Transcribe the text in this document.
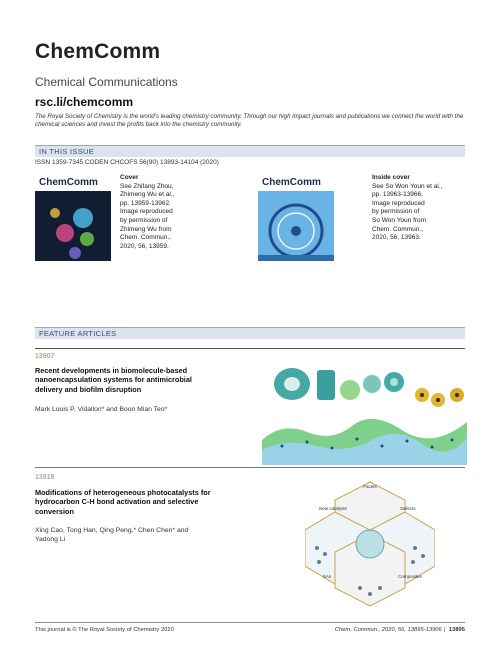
ChemComm
Chemical Communications
rsc.li/chemcomm
The Royal Society of Chemistry is the world's leading chemistry community. Through our high impact journals and publications we connect the world with the chemical sciences and invest the profits back into the chemistry community.
IN THIS ISSUE
ISSN 1359-7345 CODEN CHCOFS 56(90) 13893-14104 (2020)
ChemComm	Cover
See Zhifang Zhou,
Zhimeng Wu et al.,
pp. 13959-13962.
Image reproduced
by permission of
Zhimeng Wu from
Chem. Commun.,
2020, 56, 13959.
ChemComm	Inside cover
See So Won Youn et al.,
pp. 13963-13966.
Image reproduced
by permission of
So Won Youn from
Chem. Commun.,
2020, 56, 13963.
FEATURE ARTICLES
13907
Recent developments in biomolecule-based
nanoencapsulation systems for antimicrobial
delivery and biofilm disruption
Mark Louis P. Vidallon* and Boon Mian Teo*
13918
Modifications of heterogeneous photocatalysts for
hydrocarbon C-H bond activation and selective
conversion
Xing Cao, Tong Han, Qing Peng,* Chen Chen* and
Yadong Li
Facets
New catalysts	Defects
Composites
SAs
This journal is © The Royal Society of Chemistry 2020	Chem. Commun., 2020, 56, 13895-13906 | 13895
